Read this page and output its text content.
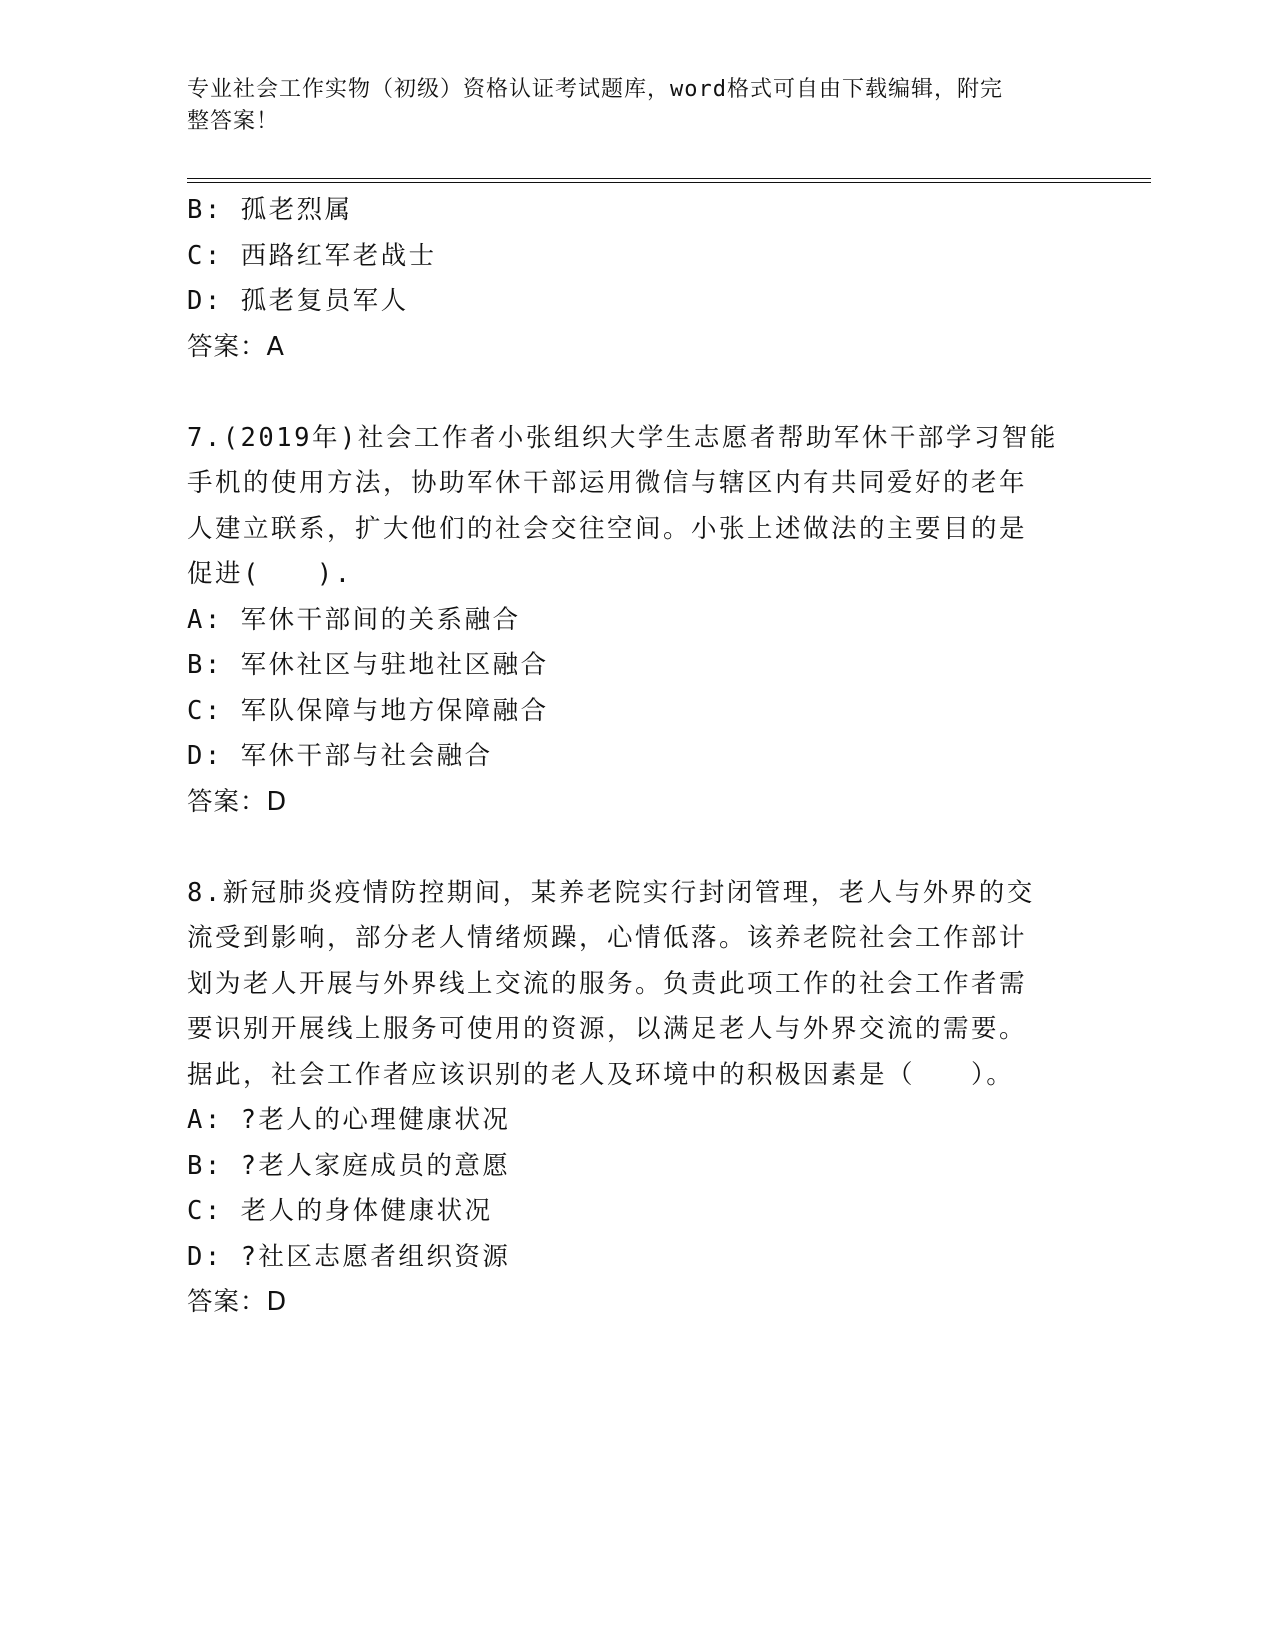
专业社会工作实物（初级）资格认证考试题库，word格式可自由下载编辑，附完
整答案！
B: 孤老烈属
C: 西路红军老战士
D: 孤老复员军人
答案：A
7.(2019年)社会工作者小张组织大学生志愿者帮助军休干部学习智能
手机的使用方法，协助军休干部运用微信与辖区内有共同爱好的老年
人建立联系，扩大他们的社会交往空间。小张上述做法的主要目的是
促进(　　).
A: 军休干部间的关系融合
B: 军休社区与驻地社区融合
C: 军队保障与地方保障融合
D: 军休干部与社会融合
答案：D
8.新冠肺炎疫情防控期间，某养老院实行封闭管理，老人与外界的交
流受到影响，部分老人情绪烦躁，心情低落。该养老院社会工作部计
划为老人开展与外界线上交流的服务。负责此项工作的社会工作者需
要识别开展线上服务可使用的资源，以满足老人与外界交流的需要。
据此，社会工作者应该识别的老人及环境中的积极因素是（　　）。
A: ?老人的心理健康状况
B: ?老人家庭成员的意愿
C: 老人的身体健康状况
D: ?社区志愿者组织资源
答案：D
